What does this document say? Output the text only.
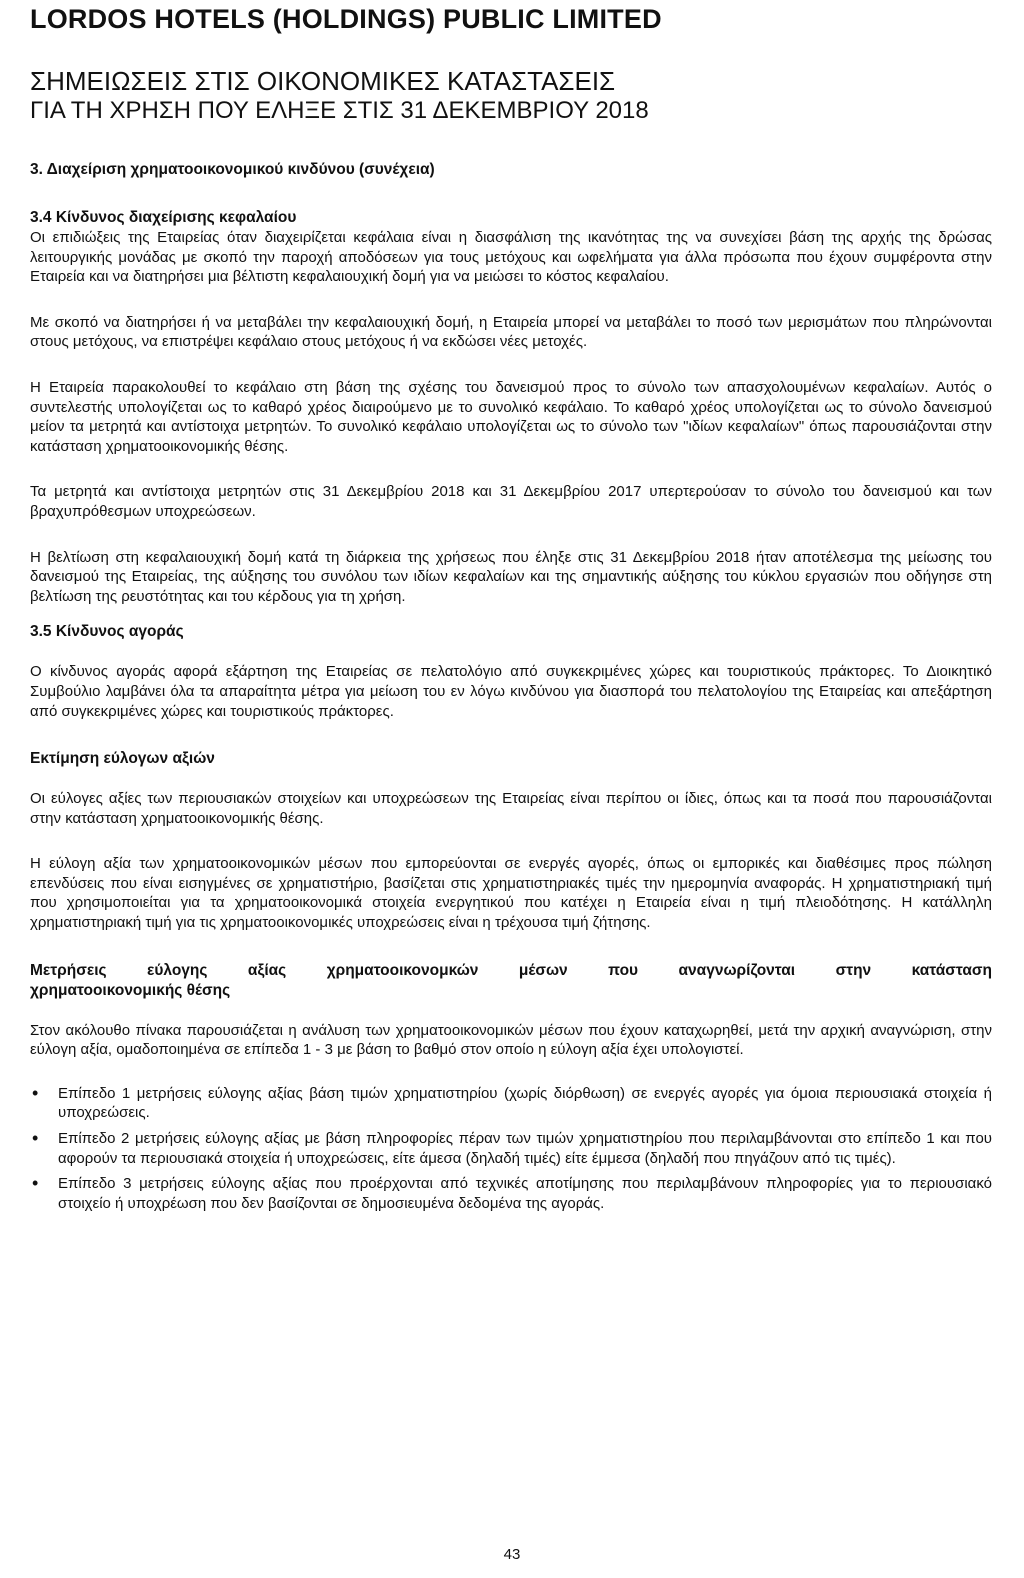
LORDOS HOTELS (HOLDINGS) PUBLIC LIMITED
ΣΗΜΕΙΩΣΕΙΣ ΣΤΙΣ ΟΙΚΟΝΟΜΙΚΕΣ ΚΑΤΑΣΤΑΣΕΙΣ
ΓΙΑ ΤΗ ΧΡΗΣΗ ΠΟΥ ΕΛΗΞΕ ΣΤΙΣ 31 ΔΕΚΕΜΒΡΙΟΥ 2018
3. Διαχείριση χρηματοοικονομικού κινδύνου (συνέχεια)
3.4 Κίνδυνος διαχείρισης κεφαλαίου

Οι επιδιώξεις της Εταιρείας όταν διαχειρίζεται κεφάλαια είναι η διασφάλιση της ικανότητας της να συνεχίσει βάση της αρχής της δρώσας λειτουργικής μονάδας με σκοπό την παροχή αποδόσεων για τους μετόχους και ωφελήματα για άλλα πρόσωπα που έχουν συμφέροντα στην Εταιρεία και να διατηρήσει μια βέλτιστη κεφαλαιουχική δομή για να μειώσει το κόστος κεφαλαίου.

Με σκοπό να διατηρήσει ή να μεταβάλει την κεφαλαιουχική δομή, η Εταιρεία μπορεί να μεταβάλει το ποσό των μερισμάτων που πληρώνονται στους μετόχους, να επιστρέψει κεφάλαιο στους μετόχους ή να εκδώσει νέες μετοχές.

Η Εταιρεία παρακολουθεί το κεφάλαιο στη βάση της σχέσης του δανεισμού προς το σύνολο των απασχολουμένων κεφαλαίων. Αυτός ο συντελεστής υπολογίζεται ως το καθαρό χρέος διαιρούμενο με το συνολικό κεφάλαιο. Το καθαρό χρέος υπολογίζεται ως το σύνολο δανεισμού μείον τα μετρητά και αντίστοιχα μετρητών. Το συνολικό κεφάλαιο υπολογίζεται ως το σύνολο των "ιδίων κεφαλαίων" όπως παρουσιάζονται στην κατάσταση χρηματοοικονομικής θέσης.

Τα μετρητά και αντίστοιχα μετρητών στις 31 Δεκεμβρίου 2018 και 31 Δεκεμβρίου 2017 υπερτερούσαν το σύνολο του δανεισμού και των βραχυπρόθεσμων υποχρεώσεων.

Η βελτίωση στη κεφαλαιουχική δομή κατά τη διάρκεια της χρήσεως που έληξε στις 31 Δεκεμβρίου 2018 ήταν αποτέλεσμα της μείωσης του δανεισμού της Εταιρείας, της αύξησης του συνόλου των ιδίων κεφαλαίων και της σημαντικής αύξησης του κύκλου εργασιών που οδήγησε στη βελτίωση της ρευστότητας και του κέρδους για τη χρήση.

3.5 Κίνδυνος αγοράς

Ο κίνδυνος αγοράς αφορά εξάρτηση της Εταιρείας σε πελατολόγιο από συγκεκριμένες χώρες και τουριστικούς πράκτορες. Το Διοικητικό Συμβούλιο λαμβάνει όλα τα απαραίτητα μέτρα για μείωση του εν λόγω κινδύνου για διασπορά του πελατολογίου της Εταιρείας και απεξάρτηση από συγκεκριμένες χώρες και τουριστικούς πράκτορες.

Εκτίμηση εύλογων αξιών

Οι εύλογες αξίες των περιουσιακών στοιχείων και υποχρεώσεων της Εταιρείας είναι περίπου οι ίδιες, όπως και τα ποσά που παρουσιάζονται στην κατάσταση χρηματοοικονομικής θέσης.

Η εύλογη αξία των χρηματοοικονομικών μέσων που εμπορεύονται σε ενεργές αγορές, όπως οι εμπορικές και διαθέσιμες προς πώληση επενδύσεις που είναι εισηγμένες σε χρηματιστήριο, βασίζεται στις χρηματιστηριακές τιμές την ημερομηνία αναφοράς. Η χρηματιστηριακή τιμή που χρησιμοποιείται για τα χρηματοοικονομικά στοιχεία ενεργητικού που κατέχει η Εταιρεία είναι η τιμή πλειοδότησης. Η κατάλληλη χρηματιστηριακή τιμή για τις χρηματοοικονομικές υποχρεώσεις είναι η τρέχουσα τιμή ζήτησης.

Μετρήσεις εύλογης αξίας χρηματοοικονομκών μέσων που αναγνωρίζονται στην κατάσταση
χρηματοοικονομικής θέσης

Στον ακόλουθο πίνακα παρουσιάζεται η ανάλυση των χρηματοοικονομικών μέσων που έχουν καταχωρηθεί, μετά την αρχική αναγνώριση, στην εύλογη αξία, ομαδοποιημένα σε επίπεδα 1 - 3 με βάση το βαθμό στον οποίο η εύλογη αξία έχει υπολογιστεί.

• Επίπεδο 1 μετρήσεις εύλογης αξίας βάση τιμών χρηματιστηρίου (χωρίς διόρθωση) σε ενεργές αγορές για όμοια περιουσιακά στοιχεία ή υποχρεώσεις.
• Επίπεδο 2 μετρήσεις εύλογης αξίας με βάση πληροφορίες πέραν των τιμών χρηματιστηρίου που περιλαμβάνονται στο επίπεδο 1 και που αφορούν τα περιουσιακά στοιχεία ή υποχρεώσεις, είτε άμεσα (δηλαδή τιμές) είτε έμμεσα (δηλαδή που πηγάζουν από τις τιμές).
• Επίπεδο 3 μετρήσεις εύλογης αξίας που προέρχονται από τεχνικές αποτίμησης που περιλαμβάνουν πληροφορίες για το περιουσιακό στοιχείο ή υποχρέωση που δεν βασίζονται σε δημοσιευμένα δεδομένα της αγοράς.
43
